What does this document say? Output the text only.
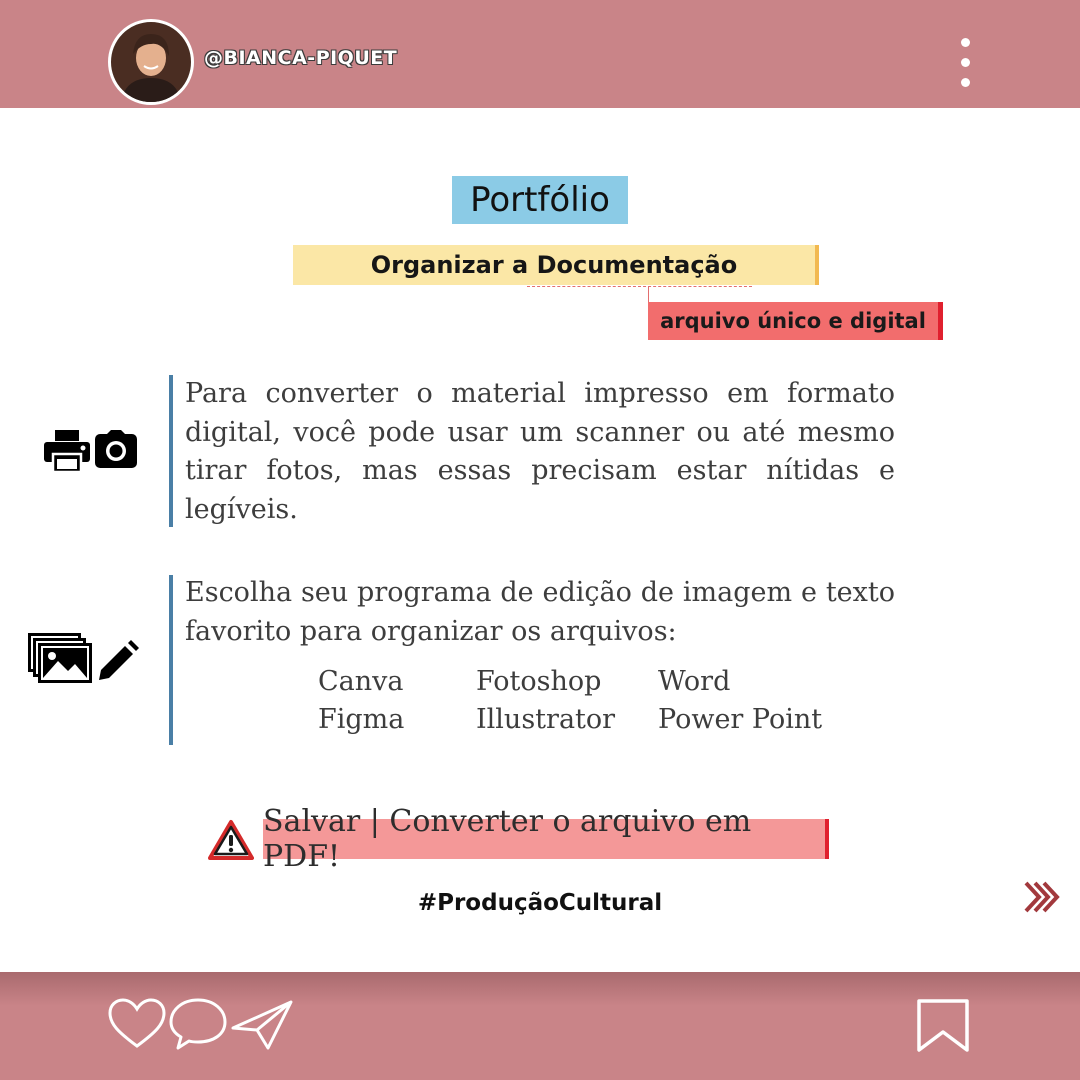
@BIANCA-PIQUET
Portfólio
Organizar a Documentação
arquivo único e digital
Para converter o material impresso em formato digital, você pode usar um scanner ou até mesmo tirar fotos, mas essas precisam estar nítidas e legíveis.
Escolha seu programa de edição de imagem e texto favorito para organizar os arquivos:
Canva	Fotoshop Word
Figma	Illustrator Power Point
Salvar | Converter o arquivo em PDF!
#ProduçãoCultural
